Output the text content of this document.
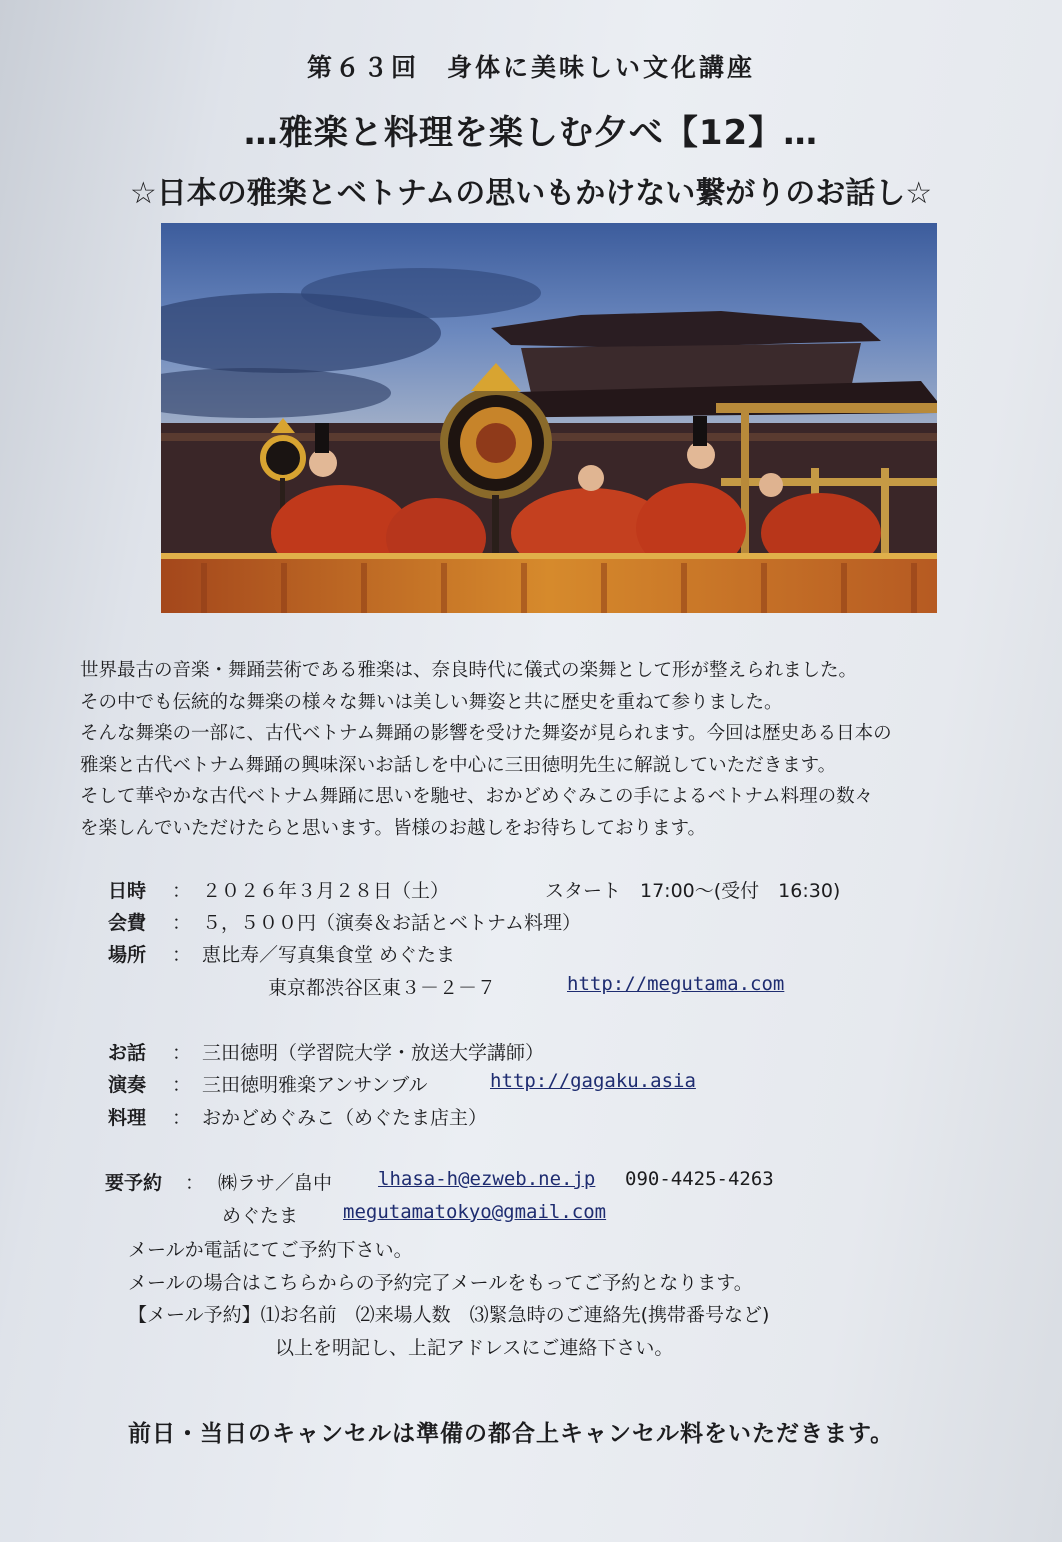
第６３回　身体に美味しい文化講座
…雅楽と料理を楽しむ夕べ【12】…
☆日本の雅楽とベトナムの思いもかけない繋がりのお話し☆
世界最古の音楽・舞踊芸術である雅楽は、奈良時代に儀式の楽舞として形が整えられました。
その中でも伝統的な舞楽の様々な舞いは美しい舞姿と共に歴史を重ねて参りました。
そんな舞楽の一部に、古代ベトナム舞踊の影響を受けた舞姿が見られます。今回は歴史ある日本の
雅楽と古代ベトナム舞踊の興味深いお話しを中心に三田徳明先生に解説していただきます。
そして華やかな古代ベトナム舞踊に思いを馳せ、おかどめぐみこの手によるベトナム料理の数々
を楽しんでいただけたらと思います。皆様のお越しをお待ちしております。
日時 ： ２０２６年３月２８日（土）	スタート　17:00～(受付　16:30)
会費 ： ５，５００円（演奏＆お話とベトナム料理）
場所 ： 恵比寿／写真集食堂 めぐたま
東京都渋谷区東３－２－７	http://megutama.com
お話 ： 三田徳明（学習院大学・放送大学講師）
演奏 ： 三田徳明雅楽アンサンブル	http://gagaku.asia
料理 ： おかどめぐみこ（めぐたま店主）
要予約 ： ㈱ラサ／畠中 lhasa-h@ezweb.ne.jp 090-4425-4263
めぐたま megutamatokyo@gmail.com
メールか電話にてご予約下さい。
メールの場合はこちらからの予約完了メールをもってご予約となります。
【メール予約】⑴お名前　⑵来場人数　⑶緊急時のご連絡先(携帯番号など)
以上を明記し、上記アドレスにご連絡下さい。
前日・当日のキャンセルは準備の都合上キャンセル料をいただきます。
